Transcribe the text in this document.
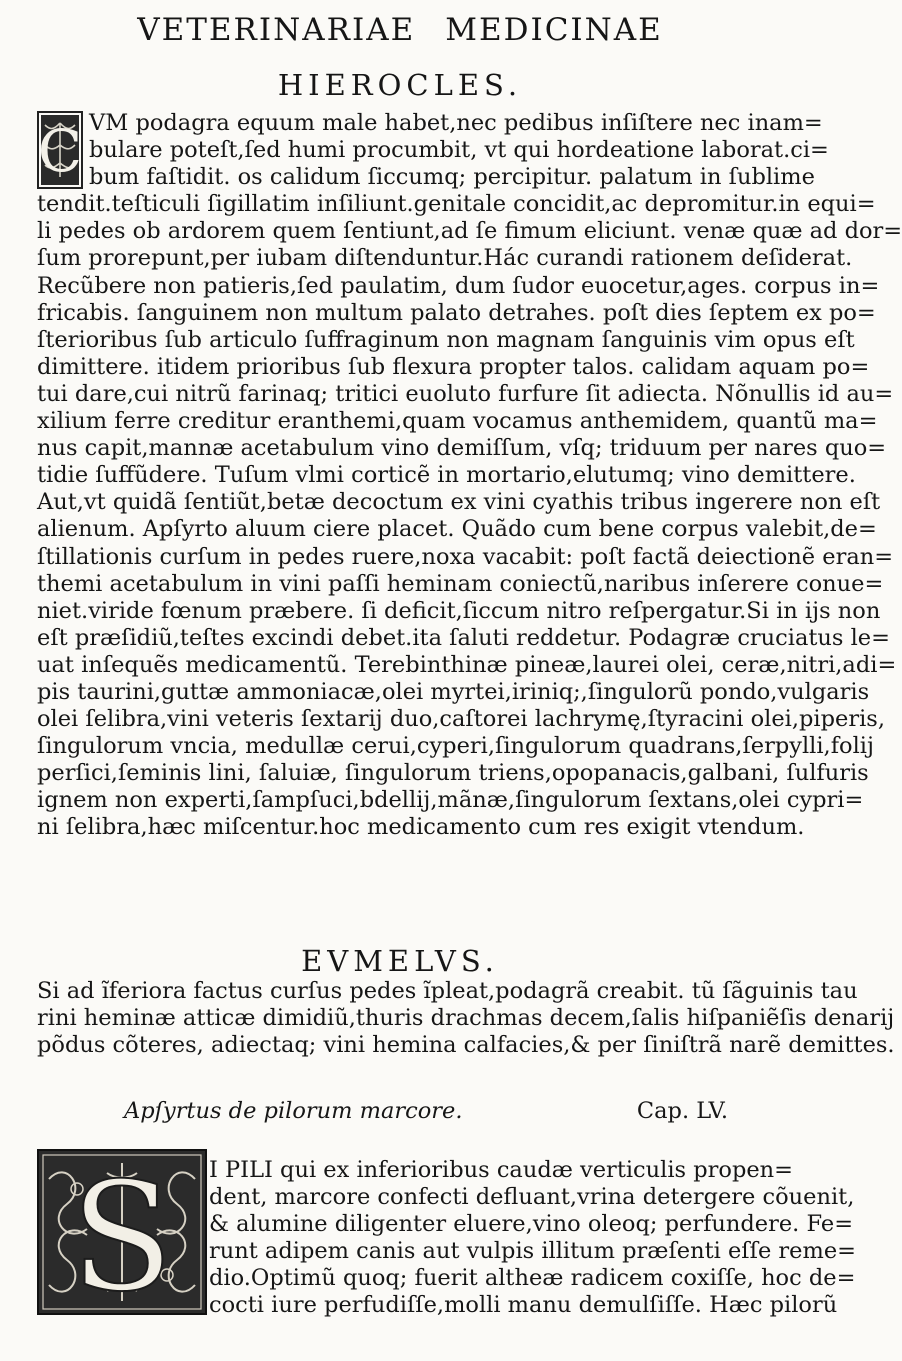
VETERINARIAE MEDICINAE
HIEROCLES.
C VM podagra equum male habet,nec pedibus inſiſtere nec inam=
bulare poteſt,ſed humi procumbit, vt qui hordeatione laborat.ci=
bum faſtidit. os calidum ſiccumq; percipitur. palatum in ſublime
tendit.teſticuli ſigillatim inſiliunt.genitale concidit,ac depromitur.in equi=
li pedes ob ardorem quem ſentiunt,ad ſe fimum eliciunt. venæ quæ ad dor=
ſum prorepunt,per iubam diſtenduntur.Hác curandi rationem deſiderat.
Recũbere non patieris,ſed paulatim, dum ſudor euocetur,ages. corpus in=
fricabis. ſanguinem non multum palato detrahes. poſt dies ſeptem ex po=
ſterioribus ſub articulo ſuffraginum non magnam ſanguinis vim opus eſt
dimittere. itidem prioribus ſub flexura propter talos. calidam aquam po=
tui dare,cui nitrũ farinaq; tritici euoluto furfure ſit adiecta. Nõnullis id au=
xilium ferre creditur eranthemi,quam vocamus anthemidem, quantũ ma=
nus capit,mannæ acetabulum vino demiſſum, vſq; triduum per nares quo=
tidie ſuffũdere. Tuſum vlmi corticẽ in mortario,elutumq; vino demittere.
Aut,vt quidã ſentiũt,betæ decoctum ex vini cyathis tribus ingerere non eſt
alienum. Apſyrto aluum ciere placet. Quãdo cum bene corpus valebit,de=
ſtillationis curſum in pedes ruere,noxa vacabit: poſt factã deiectionẽ eran=
themi acetabulum in vini paſſi heminam coniectũ,naribus inſerere conue=
niet.viride fœnum præbere. ſi deficit,ſiccum nitro reſpergatur.Si in ijs non
eſt præſidiũ,teſtes excindi debet.ita ſaluti reddetur. Podagræ cruciatus le=
uat inſequẽs medicamentũ. Terebinthinæ pineæ,laurei olei, ceræ,nitri,adi=
pis taurini,guttæ ammoniacæ,olei myrtei,iriniq;,ſingulorũ pondo,vulgaris
olei ſelibra,vini veteris ſextarij duo,caſtorei lachrymę,ſtyracini olei,piperis,
ſingulorum vncia, medullæ cerui,cyperi,ſingulorum quadrans,ſerpylli,folij
perſici,ſeminis lini, ſaluiæ, ſingulorum triens,opopanacis,galbani, ſulfuris
ignem non experti,ſampſuci,bdellij,mãnæ,ſingulorum ſextans,olei cypri=
ni ſelibra,hæc miſcentur.hoc medicamento cum res exigit vtendum.
EVMELVS.
Si ad ĩferiora factus curſus pedes ĩpleat,podagrã creabit. tũ ſãguinis tau
rini heminæ atticæ dimidiũ,thuris drachmas decem,ſalis hiſpaniẽſis denarij
põdus cõteres, adiectaq; vini hemina calfacies,& per ſiniſtrã narẽ demittes.
Apſyrtus de pilorum marcore.	Cap. LV.
S I PILI qui ex inferioribus caudæ verticulis propen=
dent, marcore confecti defluant,vrina detergere cõuenit,
& alumine diligenter eluere,vino oleoq; perfundere. Fe=
runt adipem canis aut vulpis illitum præſenti eſſe reme=
dio.Optimũ quoq; fuerit altheæ radicem coxiſſe, hoc de=
cocti iure perfudiſſe,molli manu demulſiſſe. Hæc pilorũ
